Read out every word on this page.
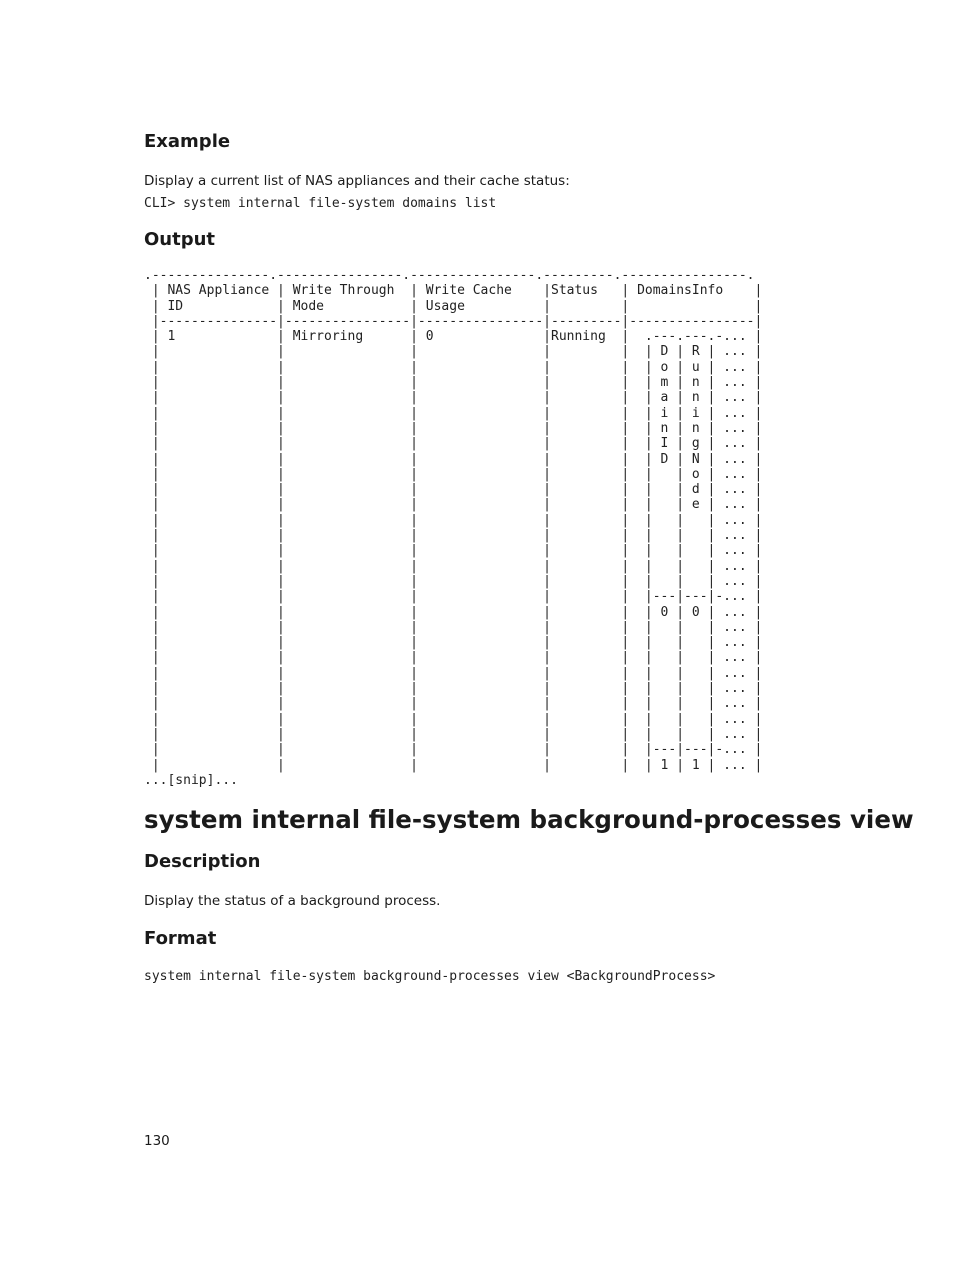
Example

Display a current list of NAS appliances and their cache status:

CLI> system internal file-system domains list
Output
.---------------.----------------.----------------.---------.----------------.
| NAS Appliance | Write Through  | Write Cache    |Status   | DomainsInfo    |
| ID            | Mode           | Usage          |         |                |
|---------------|----------------|----------------|---------|----------------|
| 1             | Mirroring      | 0              |Running  |  .---.---.-... |
|               |                |                |         |  | D | R | ... |
|               |                |                |         |  | o | u | ... |
|               |                |                |         |  | m | n | ... |
|               |                |                |         |  | a | n | ... |
|               |                |                |         |  | i | i | ... |
|               |                |                |         |  | n | n | ... |
|               |                |                |         |  | I | g | ... |
|               |                |                |         |  | D | N | ... |
|               |                |                |         |  |   | o | ... |
|               |                |                |         |  |   | d | ... |
|               |                |                |         |  |   | e | ... |
|               |                |                |         |  |   |   | ... |
|               |                |                |         |  |   |   | ... |
|               |                |                |         |  |   |   | ... |
|               |                |                |         |  |   |   | ... |
|               |                |                |         |  |   |   | ... |
|               |                |                |         |  |---|---|-... |
|               |                |                |         |  | 0 | 0 | ... |
|               |                |                |         |  |   |   | ... |
|               |                |                |         |  |   |   | ... |
|               |                |                |         |  |   |   | ... |
|               |                |                |         |  |   |   | ... |
|               |                |                |         |  |   |   | ... |
|               |                |                |         |  |   |   | ... |
|               |                |                |         |  |   |   | ... |
|               |                |                |         |  |   |   | ... |
|               |                |                |         |  |---|---|-... |
|               |                |                |         |  | 1 | 1 | ... |
...[snip]...
system internal file-system background-processes view
Description

Display the status of a background process.

Format
system internal file-system background-processes view <BackgroundProcess>

130
